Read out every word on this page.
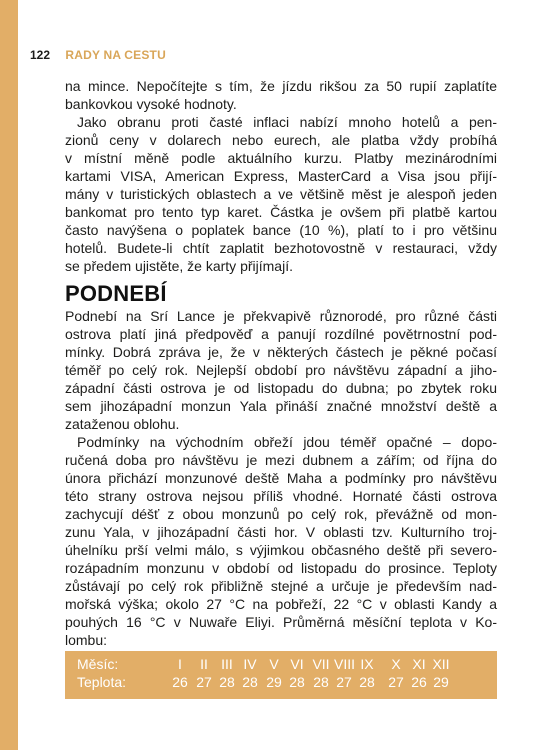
122 RADY NA CESTU
na mince. Nepočítejte s tím, že jízdu rikšou za 50 rupií zaplatíte
bankovkou vysoké hodnoty.
Jako obranu proti časté inflaci nabízí mnoho hotelů a pen-
zionů ceny v dolarech nebo eurech, ale platba vždy probíhá
v místní měně podle aktuálního kurzu. Platby mezinárodními
kartami VISA, American Express, MasterCard a Visa jsou přijí-
mány v turistických oblastech a ve většině měst je alespoň jeden
bankomat pro tento typ karet. Částka je ovšem při platbě kartou
často navýšena o poplatek bance (10 %), platí to i pro většinu
hotelů. Budete-li chtít zaplatit bezhotovostně v restauraci, vždy
se předem ujistěte, že karty přijímají.
PODNEBÍ
Podnebí na Srí Lance je překvapivě různorodé, pro různé části
ostrova platí jiná předpověď a panují rozdílné povětrnostní pod-
mínky. Dobrá zpráva je, že v některých částech je pěkné počasí
téměř po celý rok. Nejlepší období pro návštěvu západní a jiho-
západní části ostrova je od listopadu do dubna; po zbytek roku
sem jihozápadní monzun Yala přináší značné množství deště a
zataženou oblohu.
Podmínky na východním obřeží jdou téměř opačné – dopo-
ručená doba pro návštěvu je mezi dubnem a zářím; od října do
února přichází monzunové deště Maha a podmínky pro návštěvu
této strany ostrova nejsou příliš vhodné. Hornaté části ostrova
zachycují déšť z obou monzunů po celý rok, převážně od mon-
zunu Yala, v jihozápadní části hor. V oblasti tzv. Kulturního troj-
úhelníku prší velmi málo, s výjimkou občasného deště při severo-
rozápadním monzunu v období od listopadu do prosince. Teploty
zůstávají po celý rok přibližně stejné a určuje je především nad-
mořská výška; okolo 27 °C na pobřeží, 22 °C v oblasti Kandy a
pouhých 16 °C v Nuwaře Eliyi. Průměrná měsíční teplota v Ko-
lombu:
Měsíc:	I	II III IV V VI VII VIII IX	X XI XII
Teplota:	26 27 28 28 29 28 28 27 28 27 26 29
